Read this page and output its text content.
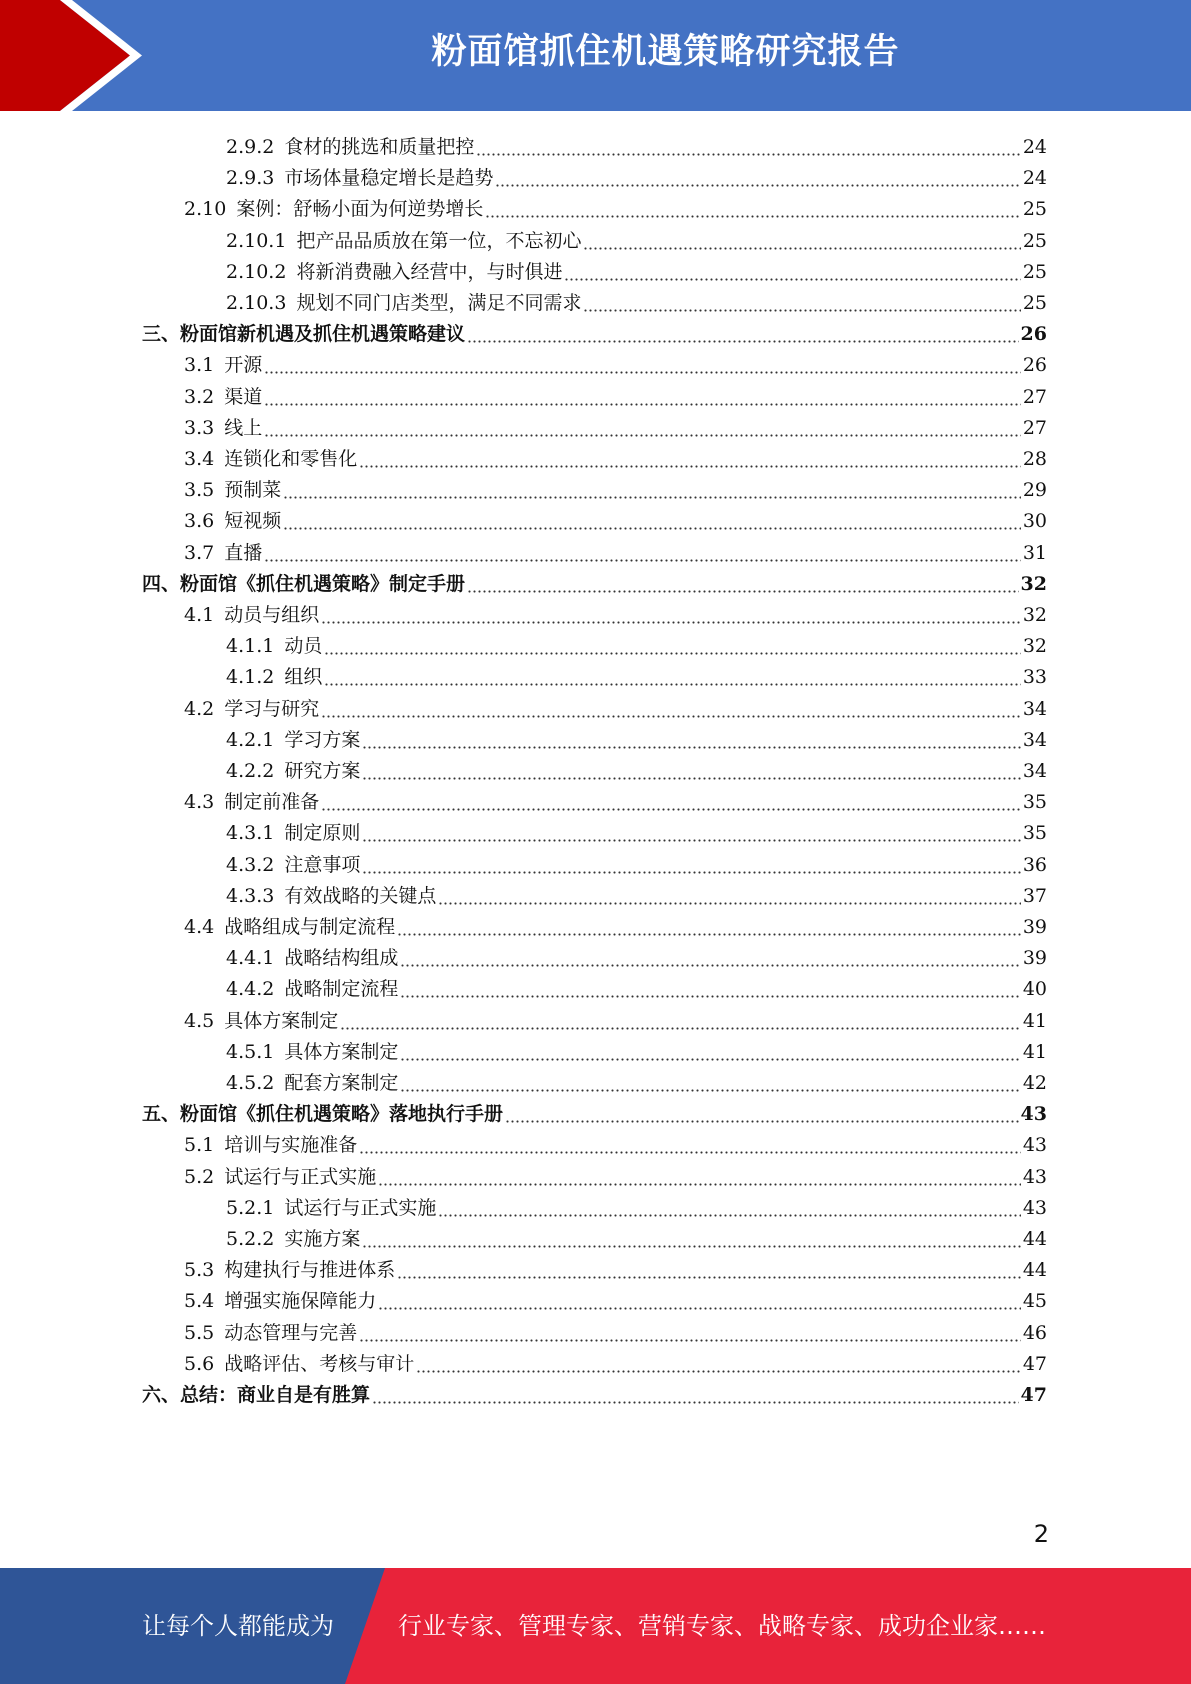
粉面馆抓住机遇策略研究报告
2.9.2 食材的挑选和质量把控	24
2.9.3 市场体量稳定增长是趋势	24
2.10 案例：舒畅小面为何逆势增长	25
2.10.1 把产品品质放在第一位，不忘初心	25
2.10.2 将新消费融入经营中，与时俱进	25
2.10.3 规划不同门店类型，满足不同需求	25
三、粉面馆新机遇及抓住机遇策略建议	26
3.1 开源	26
3.2 渠道	27
3.3 线上	27
3.4 连锁化和零售化	28
3.5 预制菜	29
3.6 短视频	30
3.7 直播	31
四、粉面馆《抓住机遇策略》制定手册	32
4.1 动员与组织	32
4.1.1 动员	32
4.1.2 组织	33
4.2 学习与研究	34
4.2.1 学习方案	34
4.2.2 研究方案	34
4.3 制定前准备	35
4.3.1 制定原则	35
4.3.2 注意事项	36
4.3.3 有效战略的关键点	37
4.4 战略组成与制定流程	39
4.4.1 战略结构组成	39
4.4.2 战略制定流程	40
4.5 具体方案制定	41
4.5.1 具体方案制定	41
4.5.2 配套方案制定	42
五、粉面馆《抓住机遇策略》落地执行手册	43
5.1 培训与实施准备	43
5.2 试运行与正式实施	43
5.2.1 试运行与正式实施	43
5.2.2 实施方案	44
5.3 构建执行与推进体系	44
5.4 增强实施保障能力	45
5.5 动态管理与完善	46
5.6 战略评估、考核与审计	47
六、总结：商业自是有胜算	47
2
让每个人都能成为	行业专家、管理专家、营销专家、战略专家、成功企业家……
